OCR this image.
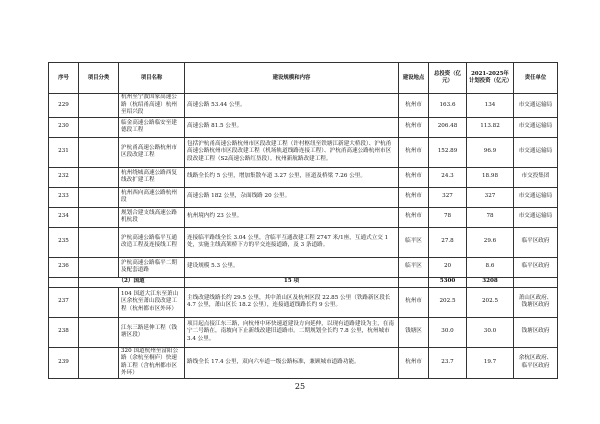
序号	项目分类	项目名称	建设规模和内容	建设地点	总投资（亿元）	2021-2025年计划投资（亿元）	责任单位
229		杭州至宁波国家高速公路（杭绍甬高速）杭州至绍兴段	高速公路 53.44 公里。	杭州市	163.6	134	市交通运输局
230		临金高速公路临安至建德段工程	高速公路 81.5 公里。	杭州市	206.48	113.82	市交通运输局
231		沪杭甬高速公路杭州市区段改建工程	包括沪杭甬高速公路杭州市区段改建工程（许村枢纽至铁塘江新建大桥段）、沪杭甬高速公路杭州市区段改建工程（机场轨道线路连接工程）、沪杭甬高速公路杭州市区段改建工程（S2高速公路红垦段）。杭州新航路改建工程。	杭州市	152.89	96.9	市交通运输局
232		杭州绕城高速公路西复线改扩建工程	线路全长约 5 公里，增加集散车道 3.27 公里，匝道及桥梁 7.26 公里。	杭州市	24.3	18.98	市交投集团
233		杭州西向高速公路杭州段	高速公路 182 公里，杂面线路 20 公里。	杭州市	327	327	市交通运输局
234		规划合建支线高速公路机杭段	杭州境内约 23 公里。	杭州市	78	78	市交通运输局
235		沪杭高速公路临平互通改造工程及连接线工程	连接临平路线全长 3.04 公里，含临平互通改建工程 2747 米/1座，互通式立交 1 处，实施主线高架桥下方的平交连接道路，及 3 条道路。	临平区	27.8	29.6	临平区政府
236		沪杭高速公路临平二期及配套道路	建设规模 5.3 公里。	临平区	20	8.6	临平区政府
	（2）国道		15 项		5300	3208	
237		104 国道大江东至萧山区余杭至萧山段改建工程（杭州都市区外环）	主线改建线路长约 29.5 公里，其中萧山区及杭州区段 22.85 公里（铁路新区段长 4.7 公里，萧山区长 18.2 公里），连接通道线路长约 9 公里。	杭州市	202.5	202.5	萧山区政府、钱塘区政府
238		江东三路延伸工程（钱塘区段）	项目起点接江东三路，向杭州中环快速道建设方向延伸，以现有道路建设为主，在南宁二号路在，南坡向下止新线改建旧道路市。二期规划全长约 7.8 公里，杭州城市 3.4 公里。	钱塘区	30.0	30.0	钱塘区政府
239		320 国道杭州至富阳公路（余杭至桐庐）快速路工程（含杭州都市区外环）	路线全长 17.4 公里，双向六车道一级公路标准，兼顾城市道路功能。	杭州市	23.7	19.7	余杭区政府、临平区政府
25
